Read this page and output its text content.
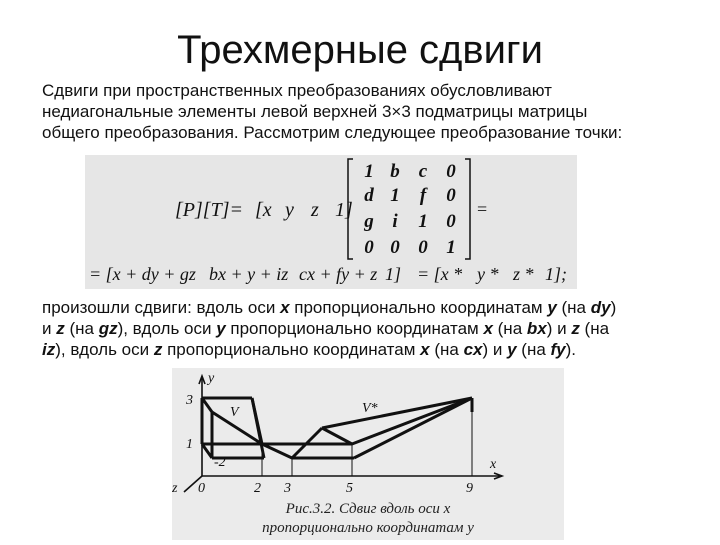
Трехмерные сдвиги
Сдвиги при пространственных преобразованиях обусловливают
недиагональные элементы левой верхней 3×3 подматрицы матрицы
общего преобразования. Рассмотрим следующее преобразование точки:
[P][T]= [x y z 1]
1 b c 0
d 1 f 0
g i 1 0
0 0 0 1
=
= [x + dy + gz bx + y + iz cx + fy + z 1] = [x * y * z * 1];
произошли сдвиги: вдоль оси x пропорционально координатам y (на dy)
и z (на gz), вдоль оси y пропорционально координатам x (на bx) и z (на
iz), вдоль оси z пропорционально координатам x (на cx) и y (на fy).
y
x
z
V	V*
3
1
-2
0	2 3	5	9
Рис.3.2. Сдвиг вдоль оси x
пропорционально координатам y
